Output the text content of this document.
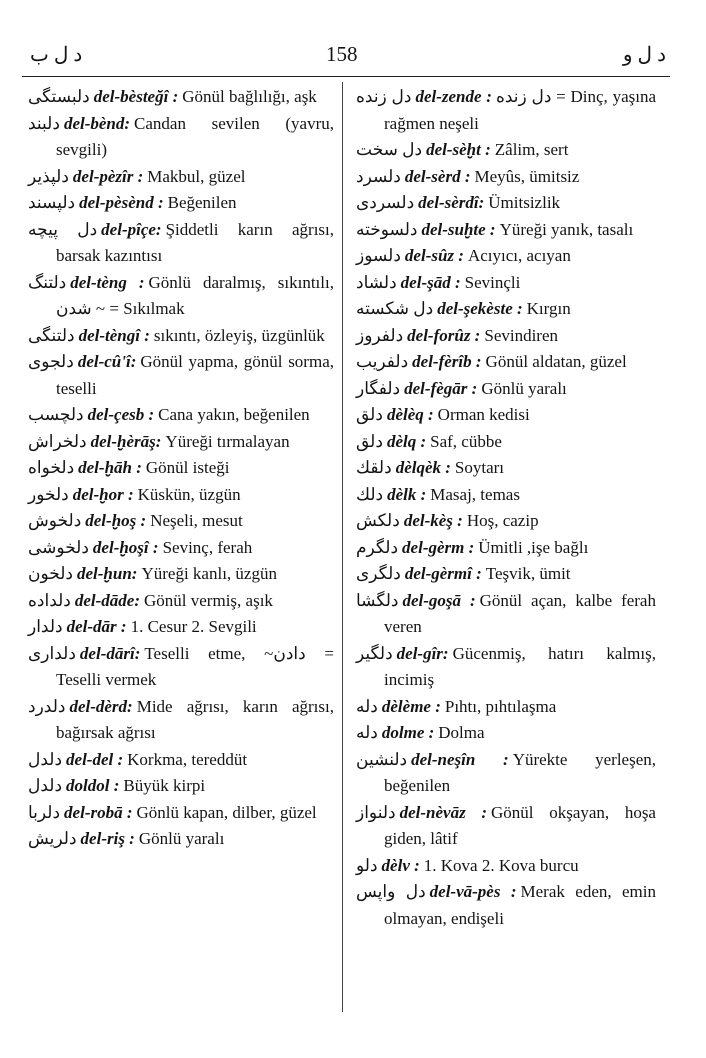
د ل ب	158	د ل و
دلبستگى del-bèsteğî : Gönül bağlılığı, aşk
دلبند del-bènd: Candan sevilen (yavru, sevgili)
دلپذير del-pèzîr : Makbul, güzel
دلپسند del-pèsènd : Beğenilen
دل پيچه del-pîçe: Şiddetli karın ağrısı, barsak kazıntısı
دلتنگ del-tèng : Gönlü daralmış, sıkıntılı, شدن ~ = Sıkılmak
دلتنگى del-tèngî : sıkıntı, özleyiş, üzgünlük
دلجوى del-cû'î: Gönül yapma, gönül sorma, teselli
دلچسب del-çesb : Cana yakın, beğenilen
دلخراش del-ḫèrāş: Yüreği tırmalayan
دلخواه del-ḫāh : Gönül isteği
دلخور del-ḫor : Küskün, üzgün
دلخوش del-ḫoş : Neşeli, mesut
دلخوشى del-ḫoşî : Sevinç, ferah
دلخون del-ḫun: Yüreği kanlı, üzgün
دلداده del-dāde: Gönül vermiş, aşık
دلدار del-dār : 1. Cesur 2. Sevgili
دلدارى del-dārî: Teselli etme, ~دادن = Teselli vermek
دلدرد del-dèrd: Mide ağrısı, karın ağrısı, bağırsak ağrısı
دلدل del-del : Korkma, tereddüt
دلدل doldol : Büyük kirpi
دلربا del-robā : Gönlü kapan, dilber, güzel
دلريش del-riş : Gönlü yaralı
دل زنده del-zende : دل زنده = Dinç, yaşına rağmen neşeli
دل سخت del-sèḫt : Zâlim, sert
دلسرد del-sèrd : Meyûs, ümitsiz
دلسردى del-sèrdî: Ümitsizlik
دلسوخته del-suḫte : Yüreği yanık, tasalı
دلسوز del-sûz : Acıyıcı, acıyan
دلشاد del-şād : Sevinçli
دل شكسته del-şekèste : Kırgın
دلفروز del-forûz : Sevindiren
دلفريب del-fèrîb : Gönül aldatan, güzel
دلفگار del-fègār : Gönlü yaralı
دلق dèlèq : Orman kedisi
دلق dèlq : Saf, cübbe
دلقك dèlqèk : Soytarı
دلك dèlk : Masaj, temas
دلكش del-kèş : Hoş, cazip
دلگرم del-gèrm : Ümitli ,işe bağlı
دلگرى del-gèrmî : Teşvik, ümit
دلگشا del-goşā : Gönül açan, kalbe ferah veren
دلگير del-gîr: Gücenmiş, hatırı kalmış, incimiş
دله dèlème : Pıhtı, pıhtılaşma
دله dolme : Dolma
دلنشين del-neşîn : Yürekte yerleşen, beğenilen
دلنواز del-nèvāz : Gönül okşayan, hoşa giden, lâtif
دلو dèlv : 1. Kova 2. Kova burcu
دل واپس del-vā-pès : Merak eden, emin olmayan, endişeli
